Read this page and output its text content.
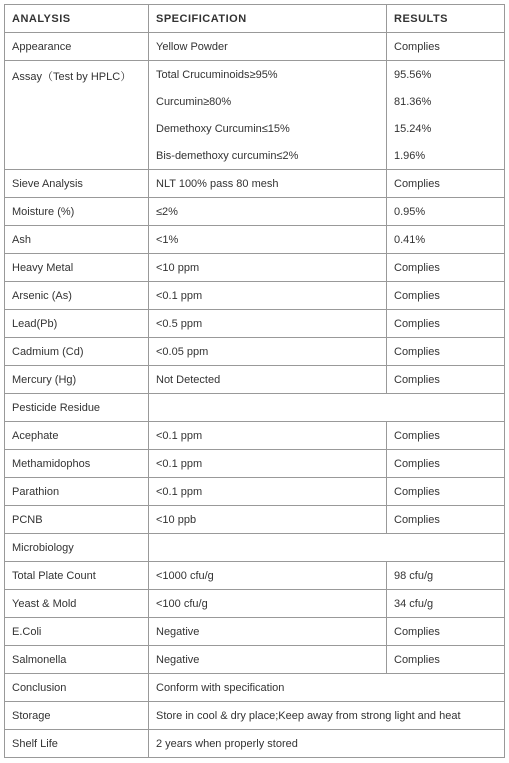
ANALYSIS	SPECIFICATION	RESULTS
Appearance	Yellow Powder	Complies
Assay（Test by HPLC）	Total Crucuminoids≥95%	95.56%
	Curcumin≥80%	81.36%
	Demethoxy Curcumin≤15%	15.24%
	Bis-demethoxy curcumin≤2%	1.96%
Sieve Analysis	NLT 100% pass 80 mesh	Complies
Moisture (%)	≤2%	0.95%
Ash	<1%	0.41%
Heavy Metal	<10 ppm	Complies
Arsenic (As)	<0.1 ppm	Complies
Lead(Pb)	<0.5 ppm	Complies
Cadmium (Cd)	<0.05 ppm	Complies
Mercury (Hg)	Not Detected	Complies
Pesticide Residue		
Acephate	<0.1 ppm	Complies
Methamidophos	<0.1 ppm	Complies
Parathion	<0.1 ppm	Complies
PCNB	<10 ppb	Complies
Microbiology		
Total Plate Count	<1000 cfu/g	98 cfu/g
Yeast & Mold	<100 cfu/g	34 cfu/g
E.Coli	Negative	Complies
Salmonella	Negative	Complies
Conclusion	Conform with specification	
Storage	Store in cool & dry place;Keep away from strong light and heat	
Shelf Life	2 years when properly stored	
